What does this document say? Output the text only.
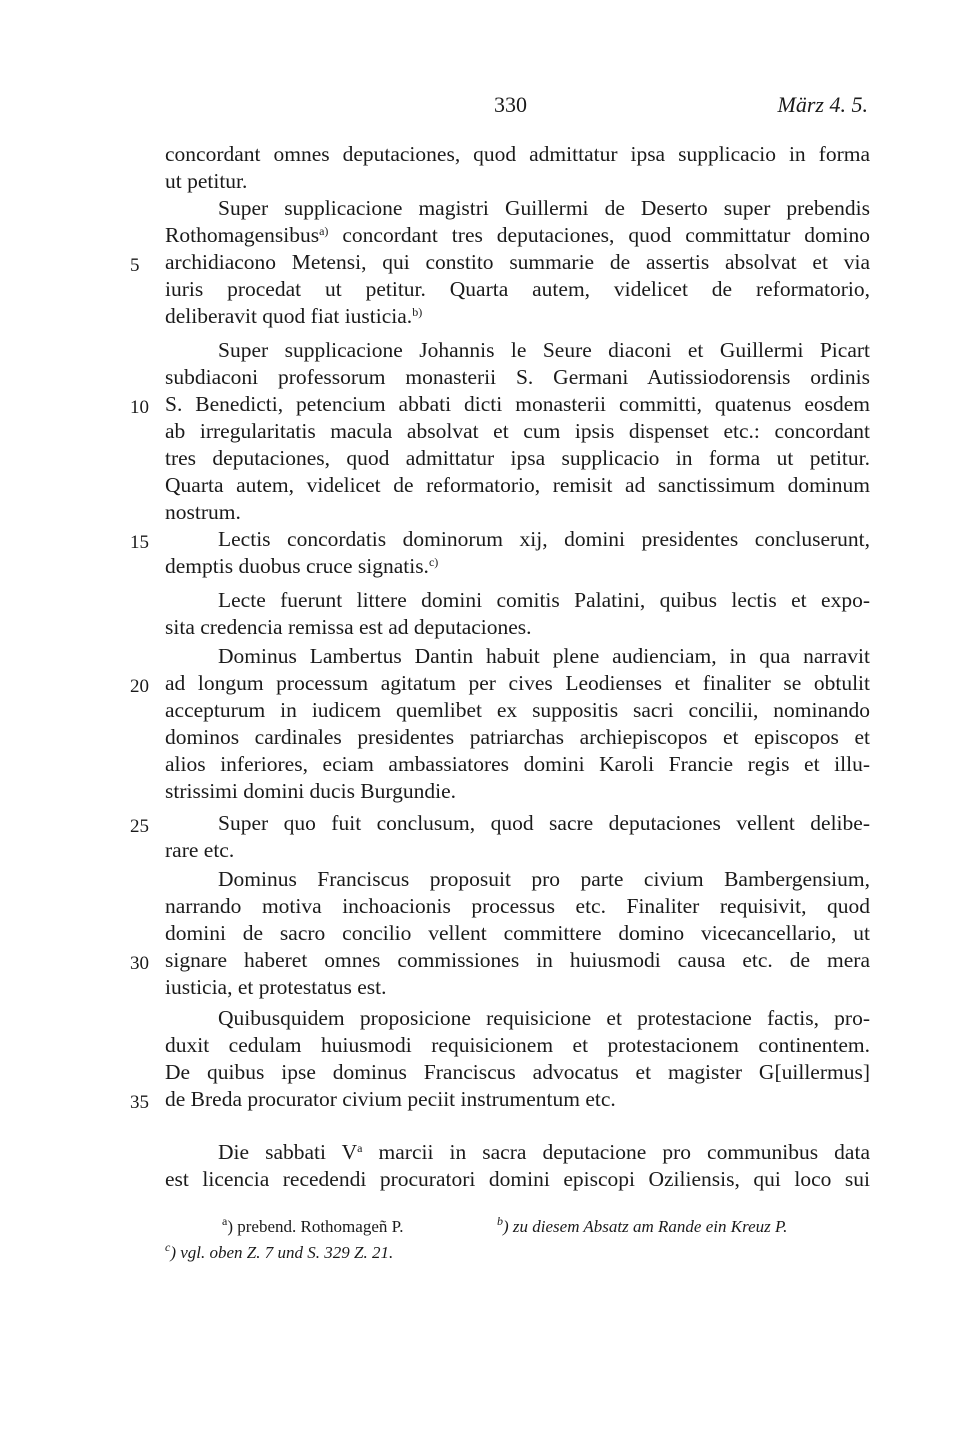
330	März 4. 5.
concordant omnes deputaciones, quod admittatur ipsa supplicacio in forma
ut petitur.
Super supplicacione magistri Guillermi de Deserto super prebendis
Rothomagensibus$^{a)}$ concordant tres deputaciones, quod committatur domino
archidiacono Metensi, qui constito summarie de assertis absolvat et via
iuris procedat ut petitur. Quarta autem, videlicet de reformatorio,
deliberavit quod fiat iusticia.$^{b)}$
Super supplicacione Johannis le Seure diaconi et Guillermi Picart
subdiaconi professorum monasterii S. Germani Autissiodorensis ordinis
S. Benedicti, petencium abbati dicti monasterii committi, quatenus eosdem
ab irregularitatis macula absolvat et cum ipsis dispenset etc.: concordant
tres deputaciones, quod admittatur ipsa supplicacio in forma ut petitur.
Quarta autem, videlicet de reformatorio, remisit ad sanctissimum dominum
nostrum.
Lectis concordatis dominorum xij, domini presidentes concluserunt,
demptis duobus cruce signatis.$^{c)}$
Lecte fuerunt littere domini comitis Palatini, quibus lectis et expo-
sita credencia remissa est ad deputaciones.
Dominus Lambertus Dantin habuit plene audienciam, in qua narravit
ad longum processum agitatum per cives Leodienses et finaliter se obtulit
accepturum in iudicem quemlibet ex suppositis sacri concilii, nominando
dominos cardinales presidentes patriarchas archiepiscopos et episcopos et
alios inferiores, eciam ambassiatores domini Karoli Francie regis et illu-
strissimi domini ducis Burgundie.
Super quo fuit conclusum, quod sacre deputaciones vellent delibe-
rare etc.
Dominus Franciscus proposuit pro parte civium Bambergensium,
narrando motiva inchoacionis processus etc. Finaliter requisivit, quod
domini de sacro concilio vellent committere domino vicecancellario, ut
signare haberet omnes commissiones in huiusmodi causa etc. de mera
iusticia, et protestatus est.
Quibusquidem proposicione requisicione et protestacione factis, pro-
duxit cedulam huiusmodi requisicionem et protestacionem continentem.
De quibus ipse dominus Franciscus advocatus et magister G[uillermus]
de Breda procurator civium peciit instrumentum etc.
Die sabbati $V^a$ marcii in sacra deputacione pro communibus data
est licencia recedendi procuratori domini episcopi Oziliensis, qui loco sui
5
10
15
20
25
30
35
$^a$) prebend. Rothomageñ P.	$^b$) zu diesem Absatz am Rande ein Kreuz P.
$^c$) vgl. oben Z. 7 und S. 329 Z. 21.
